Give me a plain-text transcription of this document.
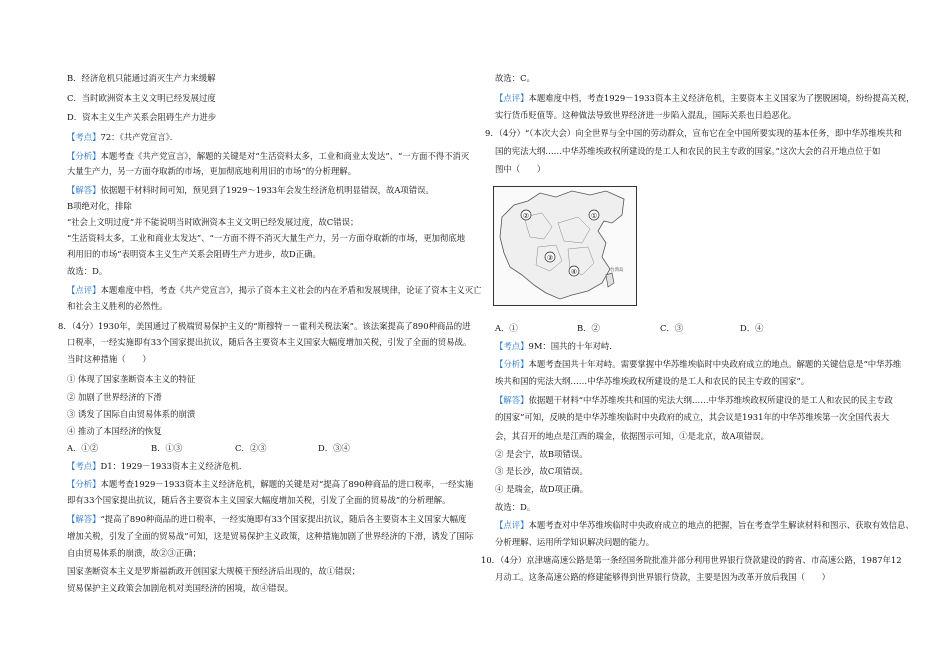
B．经济危机只能通过消灭生产力来缓解
C．当时欧洲资本主义文明已经发展过度
D．资本主义生产关系会阻碍生产力进步
【考点】72：《共产党宣言》．
【分析】本题考查《共产党宣言》，解题的关键是对“生活资料太多，工业和商业太发达”、“一方面不得不消灭
大量生产力，另一方面夺取新的市场，更加彻底地利用旧的市场”的分析理解。
【解答】依据题干材料时间可知，预见到了1929～1933年会发生经济危机明显错误，故A项错误。
B项绝对化，排除
“社会上文明过度”并不能说明当时欧洲资本主义文明已经发展过度，故C错误；
“生活资料太多，工业和商业太发达”、“一方面不得不消灭大量生产力，另一方面夺取新的市场，更加彻底地
利用旧的市场”表明资本主义生产关系会阻碍生产力进步，故D正确。
故选：D。
【点评】本题难度中档，考查《共产党宣言》，揭示了资本主义社会的内在矛盾和发展规律，论证了资本主义灭亡
和社会主义胜利的必然性。
8．（4分）1930年，美国通过了极端贸易保护主义的“斯穆特－－霍利关税法案”。该法案提高了890种商品的进
口税率，一经实施即有33个国家提出抗议，随后各主要资本主义国家大幅度增加关税，引发了全面的贸易战。
当时这种措施（　　）
① 体现了国家垄断资本主义的特征
② 加剧了世界经济的下滑
③ 诱发了国际自由贸易体系的崩溃
④ 推动了本国经济的恢复
A．①②	B．①③	C．②③	D．③④
【考点】D1：1929－1933资本主义经济危机．
【分析】本题考查1929－1933资本主义经济危机，解题的关键是对“提高了890种商品的进口税率，一经实施
即有33个国家提出抗议，随后各主要资本主义国家大幅度增加关税，引发了全面的贸易战”的分析理解。
【解答】“提高了890种商品的进口税率，一经实施即有33个国家提出抗议，随后各主要资本主义国家大幅度
增加关税，引发了全面的贸易战”可知，这是贸易保护主义政策，这种措施加剧了世界经济的下滑，诱发了国际
自由贸易体系的崩溃，故②③正确；
国家垄断资本主义是罗斯福新政开创国家大规模干预经济后出现的，故①错误；
贸易保护主义政策会加剧危机对美国经济的困境，故④错误。
故选：C。
【点评】本题难度中档，考查1929－1933资本主义经济危机，主要资本主义国家为了摆脱困境，纷纷提高关税，
实行货币贬值等。这种做法导致世界经济进一步陷入混乱，国际关系也日趋恶化。
9．（4分）“（本次大会）向全世界与全中国的劳动群众，宣布它在全中国所要实现的基本任务，即中华苏维埃共和
国的宪法大纲……中华苏维埃政权所建设的是工人和农民的民主专政的国家。”这次大会的召开地点位于如
图中（　　）
A．①	B．②	C．③	D．④
【考点】9M：国共的十年对峙．
【分析】本题考查国共十年对峙。需要掌握中华苏维埃临时中央政府成立的地点。解题的关键信息是“中华苏维
埃共和国的宪法大纲……中华苏维埃政权所建设的是工人和农民的民主专政的国家”。
【解答】依据题干材料“中华苏维埃共和国的宪法大纲……中华苏维埃政权所建设的是工人和农民的民主专政
的国家”可知，反映的是中华苏维埃临时中央政府的成立，其会议是1931年的中华苏维埃第一次全国代表大
会，其召开的地点是江西的瑞金，依据图示可知，①是北京，故A项错误。
② 是会宁，故B项错误。
③ 是长沙，故C项错误。
④ 是瑞金，故D项正确。
故选：D。
【点评】本题考查对中华苏维埃临时中央政府成立的地点的把握，旨在考查学生解读材料和图示、获取有效信息、
分析理解、运用所学知识解决问题的能力。
10．（4分）京津塘高速公路是第一条经国务院批准并部分利用世界银行贷款建设的跨省、市高速公路，1987年12
月动工。这条高速公路的修建能够得到世界银行贷款，主要是因为改革开放后我国（　　）
①
②
③
④	台湾岛
